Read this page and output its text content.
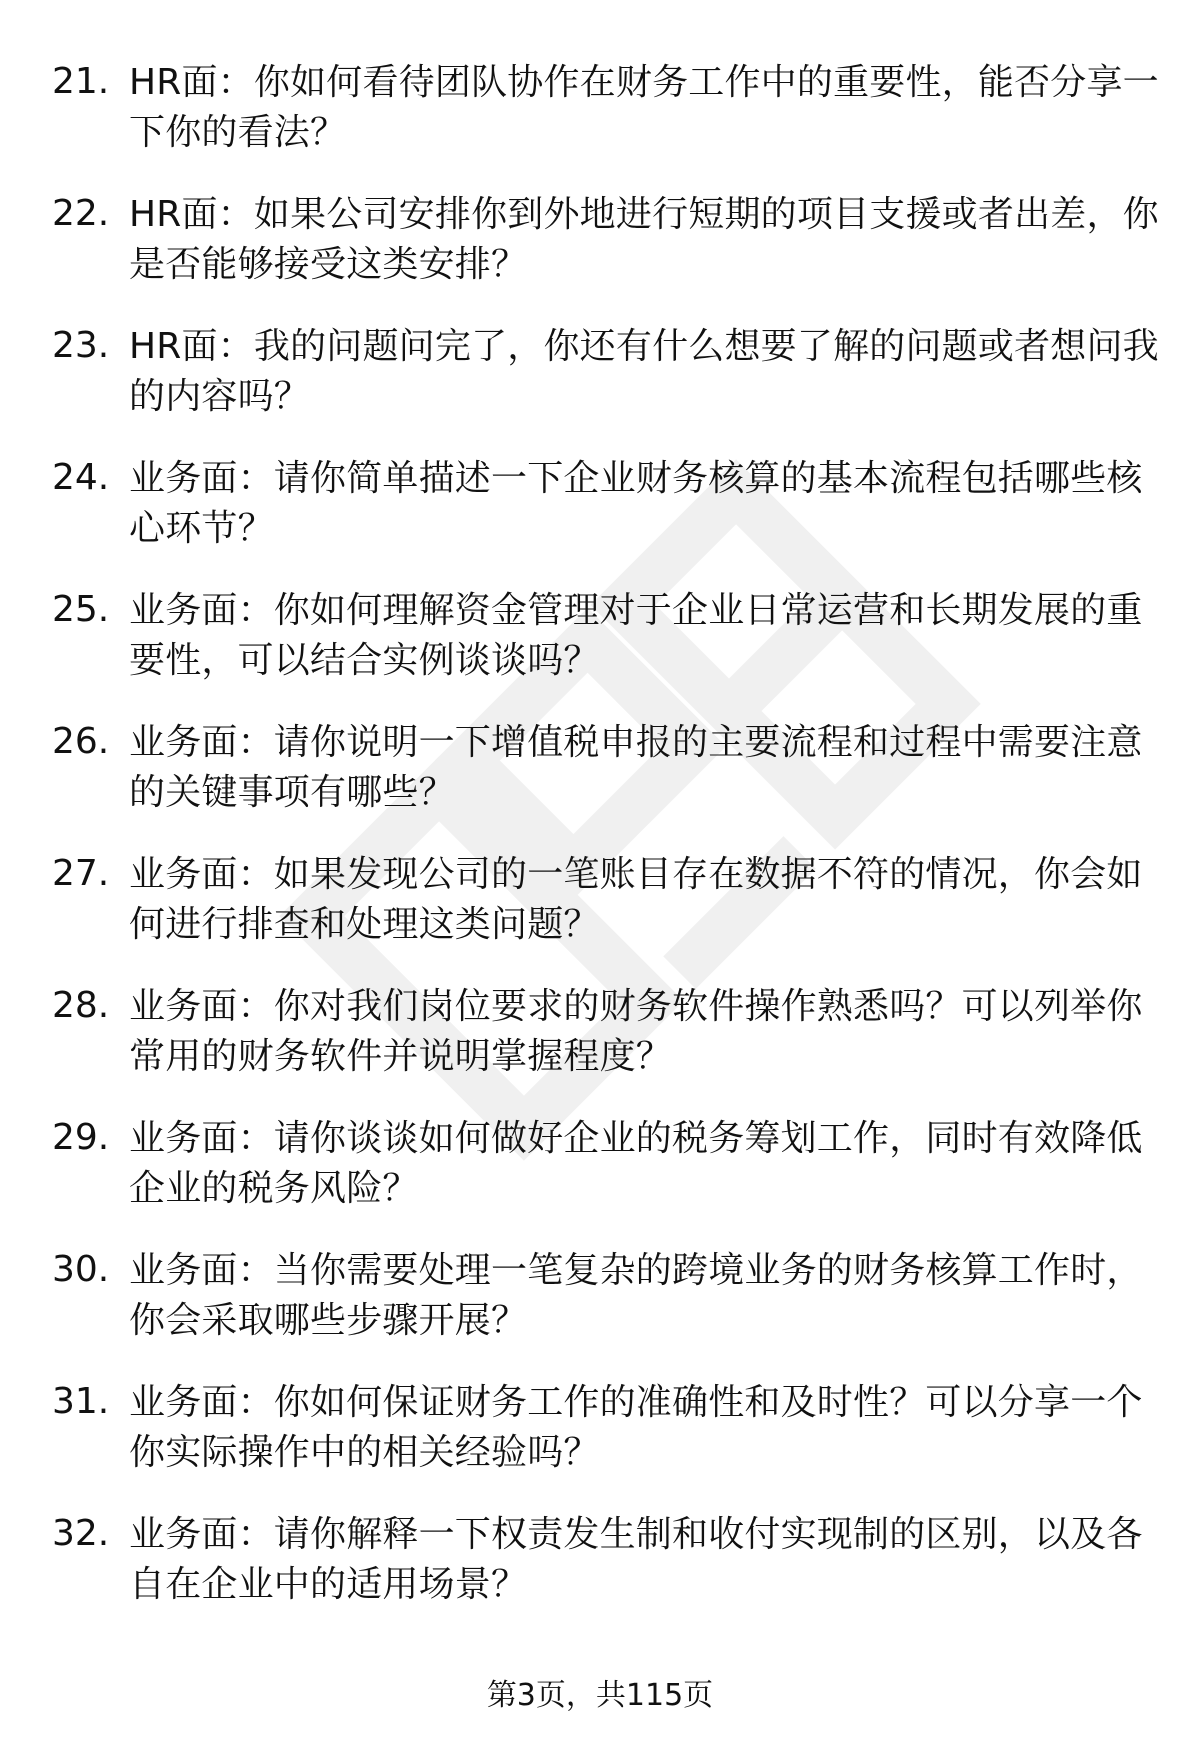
21. HR面：你如何看待团队协作在财务工作中的重要性，能否分享一下你的看法？
22. HR面：如果公司安排你到外地进行短期的项目支援或者出差，你是否能够接受这类安排？
23. HR面：我的问题问完了，你还有什么想要了解的问题或者想问我的内容吗？
24. 业务面：请你简单描述一下企业财务核算的基本流程包括哪些核心环节？
25. 业务面：你如何理解资金管理对于企业日常运营和长期发展的重要性，可以结合实例谈谈吗？
26. 业务面：请你说明一下增值税申报的主要流程和过程中需要注意的关键事项有哪些？
27. 业务面：如果发现公司的一笔账目存在数据不符的情况，你会如何进行排查和处理这类问题？
28. 业务面：你对我们岗位要求的财务软件操作熟悉吗？可以列举你常用的财务软件并说明掌握程度？
29. 业务面：请你谈谈如何做好企业的税务筹划工作，同时有效降低企业的税务风险？
30. 业务面：当你需要处理一笔复杂的跨境业务的财务核算工作时，你会采取哪些步骤开展？
31. 业务面：你如何保证财务工作的准确性和及时性？可以分享一个你实际操作中的相关经验吗？
32. 业务面：请你解释一下权责发生制和收付实现制的区别，以及各自在企业中的适用场景？
第3页，共115页
